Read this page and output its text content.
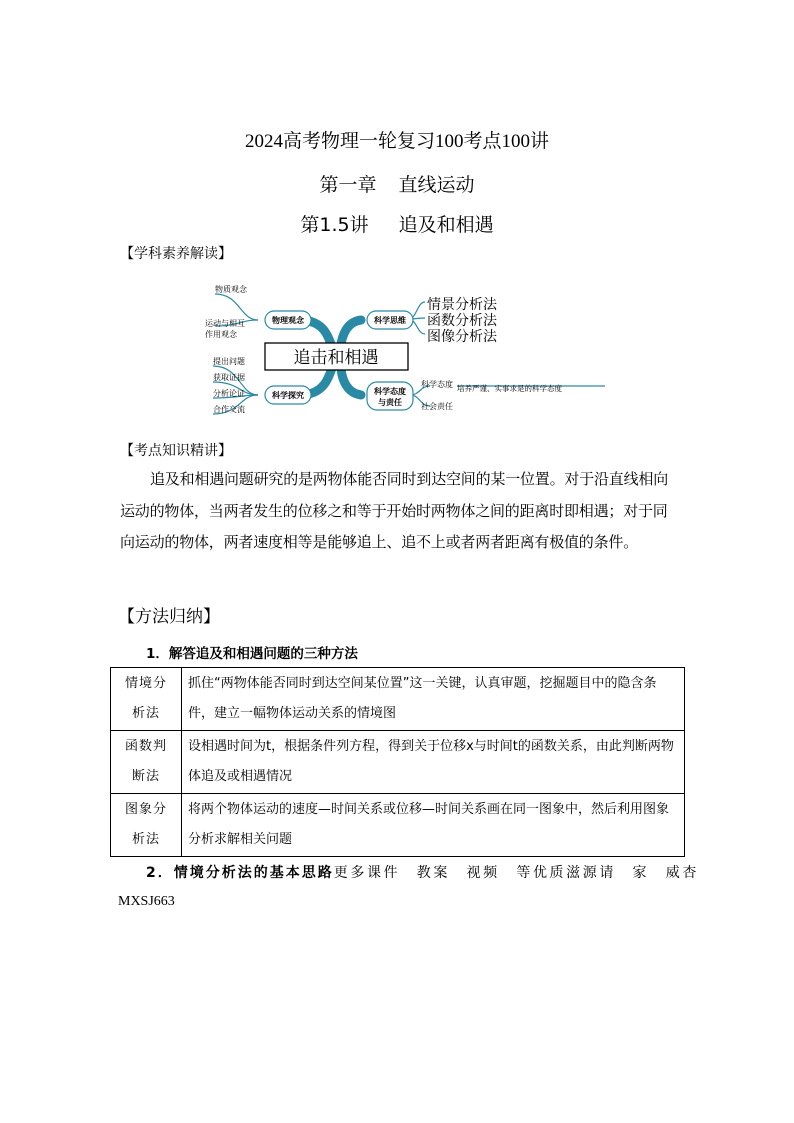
2024高考物理一轮复习100考点100讲
第一章 直线运动
第1.5讲 追及和相遇
【学科素养解读】
追击和相遇
物理观念	科学思维
科学探究	科学态度
与责任
物质观念
运动与相互
作用观念
提出问题
获取证据
分析论证
合作交流
科学态度
社会责任
培养严谨、实事求是的科学态度
情景分析法
函数分析法
图像分析法
【考点知识精讲】
追及和相遇问题研究的是两物体能否同时到达空间的某一位置。对于沿直线相向运动的物体，当两者发生的位移之和等于开始时两物体之间的距离时即相遇；对于同向运动的物体，两者速度相等是能够追上、追不上或者两者距离有极值的条件。
【方法归纳】
1．解答追及和相遇问题的三种方法
情境分析法	抓住“两物体能否同时到达空间某位置”这一关键，认真审题，挖掘题目中的隐含条件，建立一幅物体运动关系的情境图
函数判断法	设相遇时间为t，根据条件列方程，得到关于位移x与时间t的函数关系，由此判断两物体追及或相遇情况
图象分析法	将两个物体运动的速度—时间关系或位移—时间关系画在同一图象中，然后利用图象分析求解相关问题
2．情境分析法的基本思路更多课件　教案　视频　等优质滋源请　家　威杏
MXSJ663
